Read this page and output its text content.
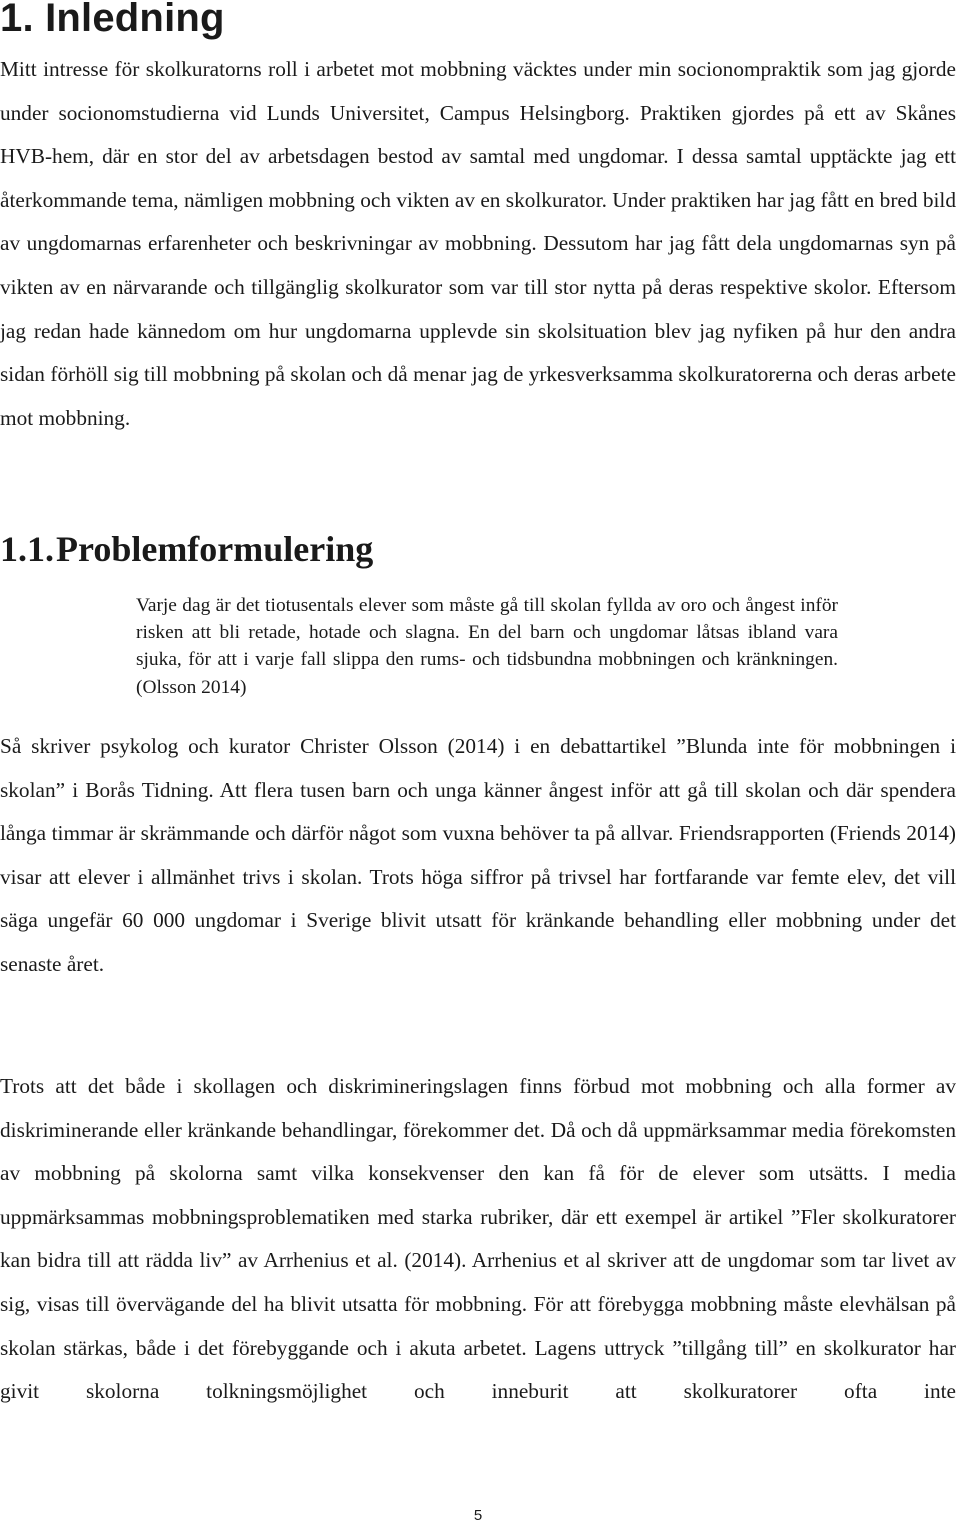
1. Inledning

Mitt intresse för skolkuratorns roll i arbetet mot mobbning väcktes under min socionompraktik som jag gjorde under socionomstudierna vid Lunds Universitet, Campus Helsingborg. Praktiken gjordes på ett av Skånes HVB-hem, där en stor del av arbetsdagen bestod av samtal med ungdomar. I dessa samtal upptäckte jag ett återkommande tema, nämligen mobbning och vikten av en skolkurator. Under praktiken har jag fått en bred bild av ungdomarnas erfarenheter och beskrivningar av mobbning. Dessutom har jag fått dela ungdomarnas syn på vikten av en närvarande och tillgänglig skolkurator som var till stor nytta på deras respektive skolor. Eftersom jag redan hade kännedom om hur ungdomarna upplevde sin skolsituation blev jag nyfiken på hur den andra sidan förhöll sig till mobbning på skolan och då menar jag de yrkesverksamma skolkuratorerna och deras arbete mot mobbning.

1.1.Problemformulering
Varje dag är det tiotusentals elever som måste gå till skolan fyllda av oro och ångest inför risken att bli retade, hotade och slagna. En del barn och ungdomar låtsas ibland vara sjuka, för att i varje fall slippa den rums- och tidsbundna mobbningen och kränkningen. (Olsson 2014)

Så skriver psykolog och kurator Christer Olsson (2014) i en debattartikel ”Blunda inte för mobbningen i skolan” i Borås Tidning. Att flera tusen barn och unga känner ångest inför att gå till skolan och där spendera långa timmar är skrämmande och därför något som vuxna behöver ta på allvar. Friendsrapporten (Friends 2014) visar att elever i allmänhet trivs i skolan. Trots höga siffror på trivsel har fortfarande var femte elev, det vill säga ungefär 60 000 ungdomar i Sverige blivit utsatt för kränkande behandling eller mobbning under det senaste året.

Trots att det både i skollagen och diskrimineringslagen finns förbud mot mobbning och alla former av diskriminerande eller kränkande behandlingar, förekommer det. Då och då uppmärksammar media förekomsten av mobbning på skolorna samt vilka konsekvenser den kan få för de elever som utsätts. I media uppmärksammas mobbningsproblematiken med starka rubriker, där ett exempel är artikel ”Fler skolkuratorer kan bidra till att rädda liv” av Arrhenius et al. (2014). Arrhenius et al skriver att de ungdomar som tar livet av sig, visas till övervägande del ha blivit utsatta för mobbning. För att förebygga mobbning måste elevhälsan på skolan stärkas, både i det förebyggande och i akuta arbetet. Lagens uttryck ”tillgång till” en skolkurator har givit skolorna tolkningsmöjlighet och inneburit att skolkuratorer ofta inte

5
